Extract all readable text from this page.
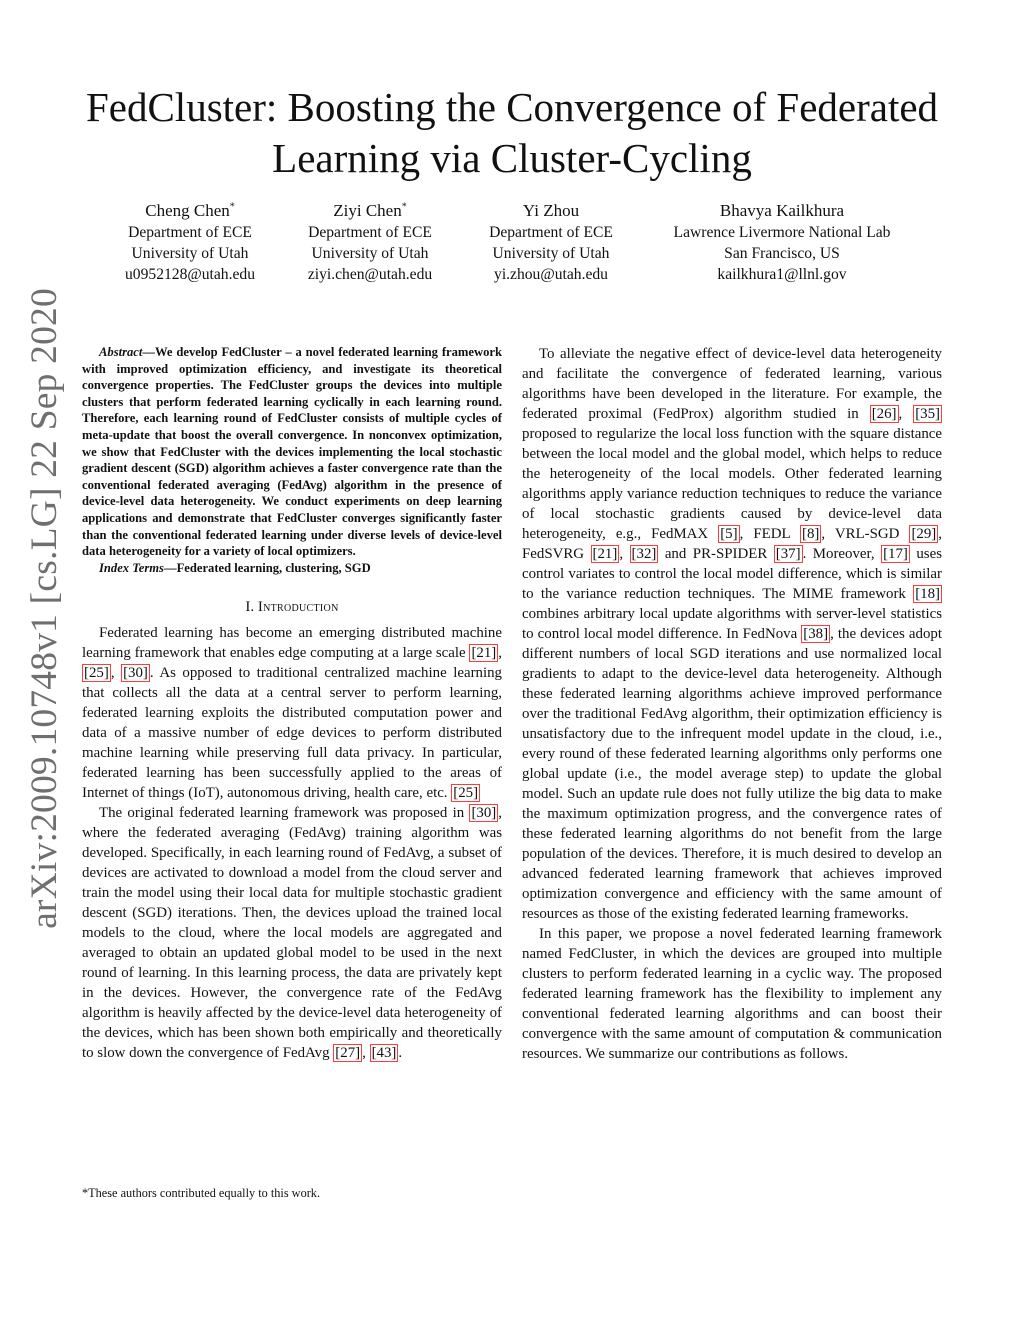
arXiv:2009.10748v1 [cs.LG] 22 Sep 2020
FedCluster: Boosting the Convergence of Federated Learning via Cluster-Cycling
Cheng Chen*
Department of ECE
University of Utah
u0952128@utah.edu
Ziyi Chen*
Department of ECE
University of Utah
ziyi.chen@utah.edu
Yi Zhou
Department of ECE
University of Utah
yi.zhou@utah.edu
Bhavya Kailkhura
Lawrence Livermore National Lab
San Francisco, US
kailkhura1@llnl.gov

Abstract—We develop FedCluster – a novel federated learning framework with improved optimization efficiency, and investigate its theoretical convergence properties. The FedCluster groups the devices into multiple clusters that perform federated learning cyclically in each learning round. Therefore, each learning round of FedCluster consists of multiple cycles of meta-update that boost the overall convergence. In nonconvex optimization, we show that FedCluster with the devices implementing the local stochastic gradient descent (SGD) algorithm achieves a faster convergence rate than the conventional federated averaging (FedAvg) algorithm in the presence of device-level data heterogeneity. We conduct experiments on deep learning applications and demonstrate that FedCluster converges significantly faster than the conventional federated learning under diverse levels of device-level data heterogeneity for a variety of local optimizers.

Index Terms—Federated learning, clustering, SGD

I. Introduction

Federated learning has become an emerging distributed machine learning framework that enables edge computing at a large scale [21] , [25] , [30] . As opposed to traditional centralized machine learning that collects all the data at a central server to perform learning, federated learning exploits the distributed computation power and data of a massive number of edge devices to perform distributed machine learning while preserving full data privacy. In particular, federated learning has been successfully applied to the areas of Internet of things (IoT), autonomous driving, health care, etc. [25]

The original federated learning framework was proposed in [30] , where the federated averaging (FedAvg) training algorithm was developed. Specifically, in each learning round of FedAvg, a subset of devices are activated to download a model from the cloud server and train the model using their local data for multiple stochastic gradient descent (SGD) iterations. Then, the devices upload the trained local models to the cloud, where the local models are aggregated and averaged to obtain an updated global model to be used in the next round of learning. In this learning process, the data are privately kept in the devices. However, the convergence rate of the FedAvg algorithm is heavily affected by the device-level data heterogeneity of the devices, which has been shown both empirically and theoretically to slow down the convergence of FedAvg [27] , [43] .

To alleviate the negative effect of device-level data heterogeneity and facilitate the convergence of federated learning, various algorithms have been developed in the literature. For example, the federated proximal (FedProx) algorithm studied in [26] , [35] proposed to regularize the local loss function with the square distance between the local model and the global model, which helps to reduce the heterogeneity of the local models. Other federated learning algorithms apply variance reduction techniques to reduce the variance of local stochastic gradients caused by device-level data heterogeneity, e.g., FedMAX [5] , FEDL [8] , VRL-SGD [29] , FedSVRG [21] , [32] and PR-SPIDER [37] . Moreover, [17] uses control variates to control the local model difference, which is similar to the variance reduction techniques. The MIME framework [18] combines arbitrary local update algorithms with server-level statistics to control local model difference. In FedNova [38] , the devices adopt different numbers of local SGD iterations and use normalized local gradients to adapt to the device-level data heterogeneity. Although these federated learning algorithms achieve improved performance over the traditional FedAvg algorithm, their optimization efficiency is unsatisfactory due to the infrequent model update in the cloud, i.e., every round of these federated learning algorithms only performs one global update (i.e., the model average step) to update the global model. Such an update rule does not fully utilize the big data to make the maximum optimization progress, and the convergence rates of these federated learning algorithms do not benefit from the large population of the devices. Therefore, it is much desired to develop an advanced federated learning framework that achieves improved optimization convergence and efficiency with the same amount of resources as those of the existing federated learning frameworks.

In this paper, we propose a novel federated learning framework named FedCluster, in which the devices are grouped into multiple clusters to perform federated learning in a cyclic way. The proposed federated learning framework has the flexibility to implement any conventional federated learning algorithms and can boost their convergence with the same amount of computation & communication resources. We summarize our contributions as follows.

*These authors contributed equally to this work.
